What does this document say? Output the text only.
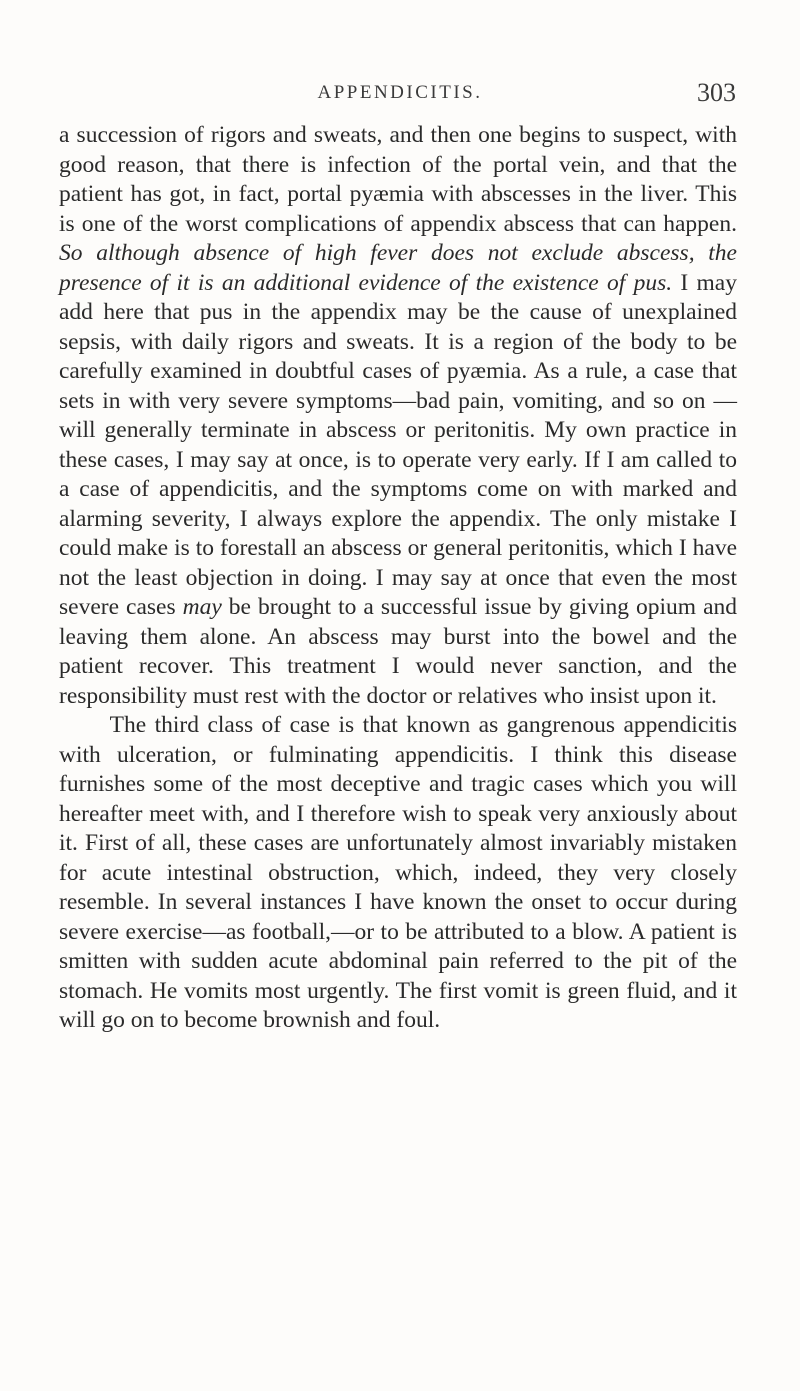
APPENDICITIS.	303

a succession of rigors and sweats, and then one begins to suspect, with good reason, that there is infection of the portal vein, and that the patient has got, in fact, portal pyæmia with abscesses in the liver. This is one of the worst complications of appendix abscess that can happen. So although absence of high fever does not exclude abscess, the presence of it is an additional evidence of the existence of pus. I may add here that pus in the appendix may be the cause of unexplained sepsis, with daily rigors and sweats. It is a region of the body to be carefully examined in doubtful cases of pyæmia. As a rule, a case that sets in with very severe symptoms—bad pain, vomiting, and so on —will generally terminate in abscess or peritonitis. My own practice in these cases, I may say at once, is to operate very early. If I am called to a case of appendicitis, and the symptoms come on with marked and alarming severity, I always explore the appendix. The only mistake I could make is to forestall an abscess or general peritonitis, which I have not the least objection in doing. I may say at once that even the most severe cases may be brought to a successful issue by giving opium and leaving them alone. An abscess may burst into the bowel and the patient recover. This treatment I would never sanction, and the responsibility must rest with the doctor or relatives who insist upon it.

The third class of case is that known as gangrenous appendicitis with ulceration, or fulminating appendicitis. I think this disease furnishes some of the most deceptive and tragic cases which you will hereafter meet with, and I therefore wish to speak very anxiously about it. First of all, these cases are unfortunately almost invariably mistaken for acute intestinal obstruction, which, indeed, they very closely resemble. In several instances I have known the onset to occur during severe exercise—as football,—or to be attributed to a blow. A patient is smitten with sudden acute abdominal pain referred to the pit of the stomach. He vomits most urgently. The first vomit is green fluid, and it will go on to become brownish and foul.
